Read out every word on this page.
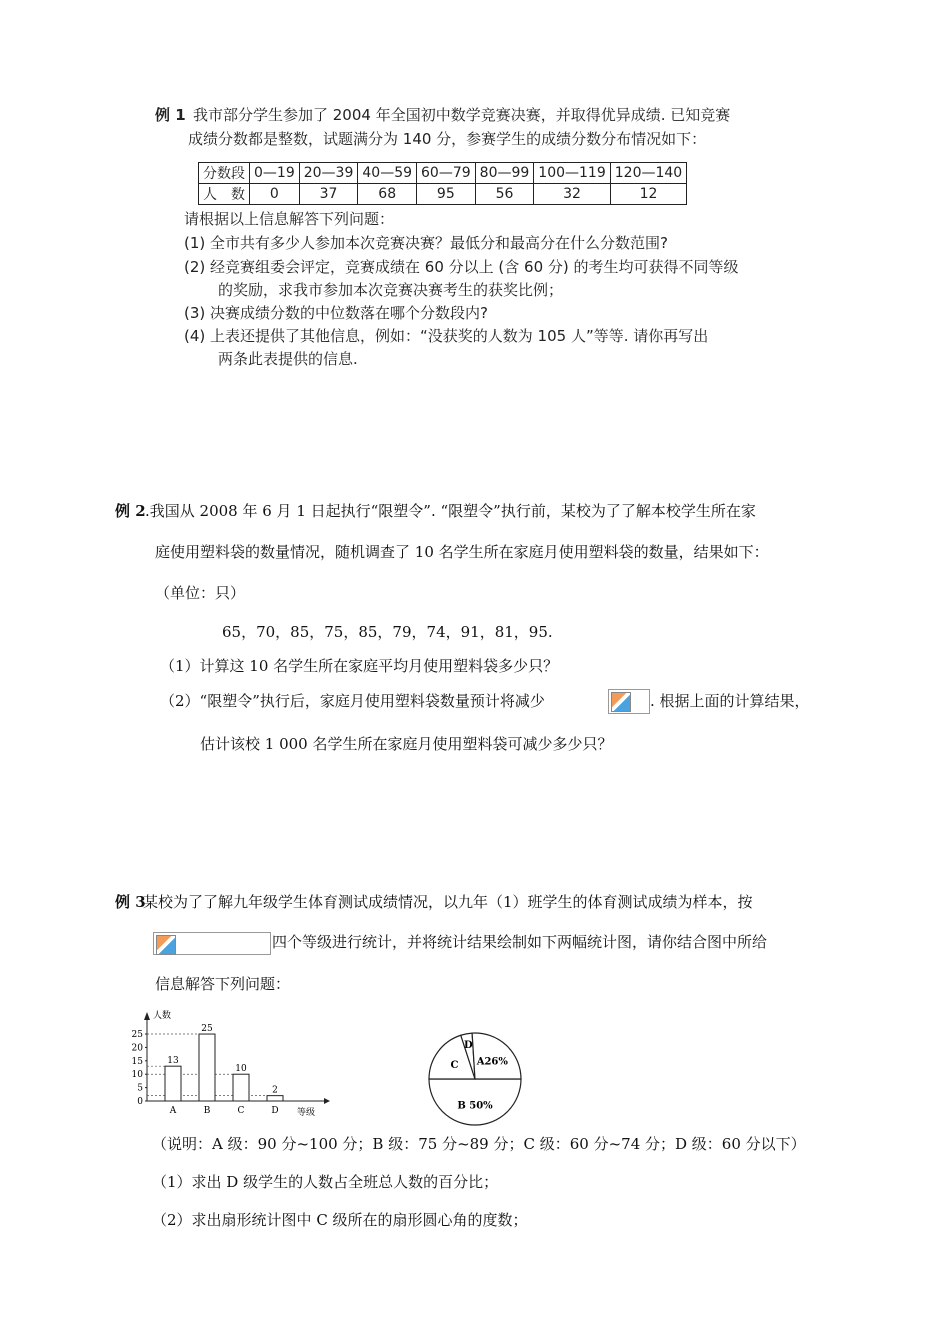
例 1 我市部分学生参加了 2004 年全国初中数学竞赛决赛，并取得优异成绩. 已知竞赛
成绩分数都是整数，试题满分为 140 分，参赛学生的成绩分数分布情况如下：
分数段	0—19	20—39	40—59	60—79	80—99	100—119	120—140
人　数	0	37	68	95	56	32	12
请根据以上信息解答下列问题：
(1) 全市共有多少人参加本次竞赛决赛？最低分和最高分在什么分数范围?
(2) 经竞赛组委会评定，竞赛成绩在 60 分以上 (含 60 分) 的考生均可获得不同等级
的奖励，求我市参加本次竞赛决赛考生的获奖比例；
(3) 决赛成绩分数的中位数落在哪个分数段内?
(4) 上表还提供了其他信息，例如：“没获奖的人数为 105 人”等等. 请你再写出
两条此表提供的信息.
例 2 .我国从 2008 年 6 月 1 日起执行“限塑令”. “限塑令”执行前，某校为了了解本校学生所在家
庭使用塑料袋的数量情况，随机调查了 10 名学生所在家庭月使用塑料袋的数量，结果如下：
（单位：只）
65，70，85，75，85，79，74，91，81，95.
（1）计算这 10 名学生所在家庭平均月使用塑料袋多少只？
（2）“限塑令”执行后，家庭月使用塑料袋数量预计将减少	. 根据上面的计算结果，
估计该校 1 000 名学生所在家庭月使用塑料袋可减少多少只？
例 3
某校为了了解九年级学生体育测试成绩情况，以九年（1）班学生的体育测试成绩为样本，按
四个等级进行统计，并将统计结果绘制如下两幅统计图，请你结合图中所给
信息解答下列问题：
人数
等级
0
5
10
15
20
25
13
A
25
B
10
C
2
D	B 50%
C
D
A26%
（说明：A 级：90 分~100 分；B 级：75 分~89 分；C 级：60 分~74 分；D 级：60 分以下）
（1）求出 D 级学生的人数占全班总人数的百分比；
（2）求出扇形统计图中 C 级所在的扇形圆心角的度数；
